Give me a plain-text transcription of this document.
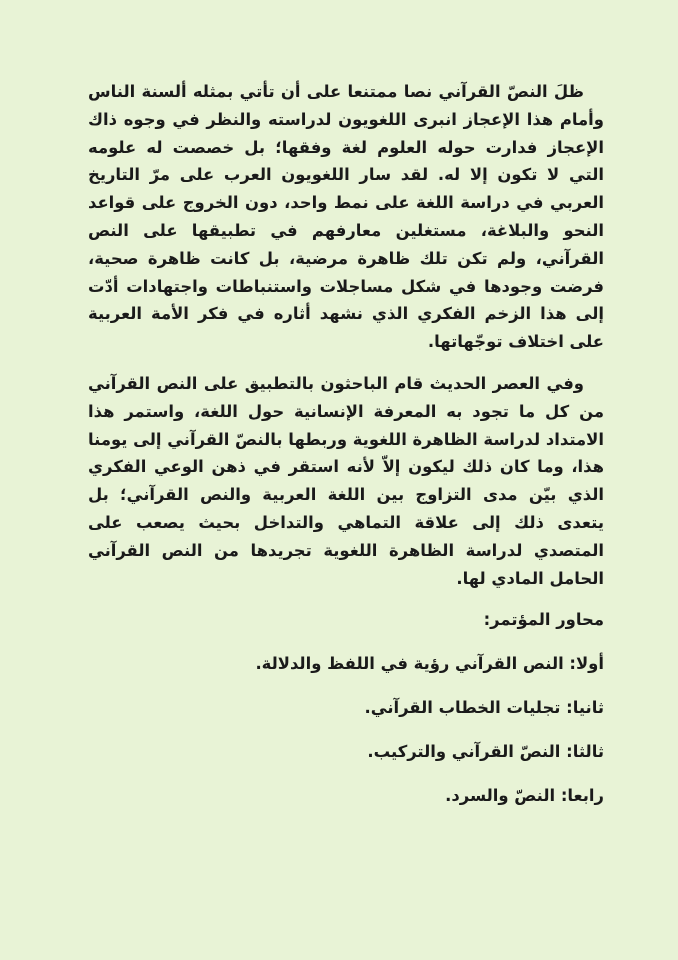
ظلَ النصّ القرآني نصا ممتنعا على أن تأتي بمثله ألسنة الناس وأمام هذا الإعجاز انبرى اللغويون لدراسته والنظر في وجوه ذاك الإعجاز فدارت حوله العلوم لغة وفقها؛ بل خصصت له علومه التي لا تكون إلا له. لقد سار اللغويون العرب على مرّ التاريخ العربي في دراسة اللغة على نمط واحد، دون الخروج على قواعد النحو والبلاغة، مستغلين معارفهم في تطبيقها على النص القرآني، ولم تكن تلك ظاهرة مرضية، بل كانت ظاهرة صحية، فرضت وجودها في شكل مساجلات واستنباطات واجتهادات أدّت إلى هذا الزخم الفكري الذي نشهد أثاره في فكر الأمة العربية على اختلاف توجّهاتها.

وفي العصر الحديث قام الباحثون بالتطبيق على النص القرآني من كل ما تجود به المعرفة الإنسانية حول اللغة، واستمر هذا الامتداد لدراسة الظاهرة اللغوية وربطها بالنصّ القرآني إلى يومنا هذا، وما كان ذلك ليكون إلاّ لأنه استقر في ذهن الوعي الفكري الذي بيّن مدى التزاوج بين اللغة العربية والنص القرآني؛ بل يتعدى ذلك إلى علاقة التماهي والتداخل بحيث يصعب على المتصدي لدراسة الظاهرة اللغوية تجريدها من النص القرآني الحامل المادي لها.

محاور المؤتمر:
أولا: النص القرآني رؤية في اللفظ والدلالة.
ثانيا: تجليات الخطاب القرآني.
ثالثا: النصّ القرآني والتركيب.
رابعا: النصّ والسرد.
